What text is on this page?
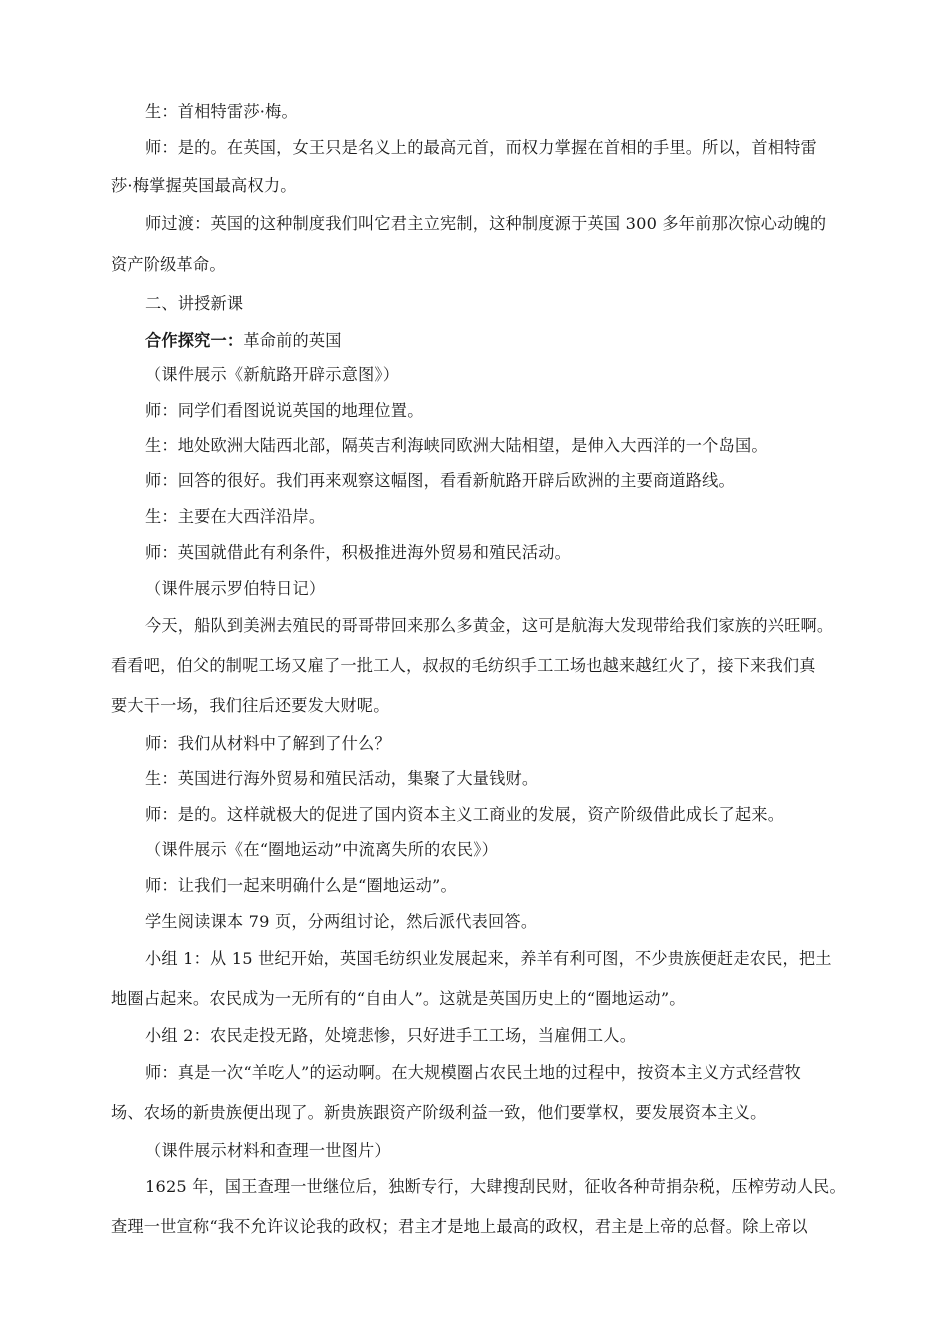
生：首相特雷莎·梅。

师：是的。在英国，女王只是名义上的最高元首，而权力掌握在首相的手里。所以，首相特雷

莎·梅掌握英国最高权力。

师过渡：英国的这种制度我们叫它君主立宪制，这种制度源于英国 300 多年前那次惊心动魄的

资产阶级革命。

二、讲授新课

合作探究一：革命前的英国

（课件展示《新航路开辟示意图》）

师：同学们看图说说英国的地理位置。

生：地处欧洲大陆西北部，隔英吉利海峡同欧洲大陆相望，是伸入大西洋的一个岛国。

师：回答的很好。我们再来观察这幅图，看看新航路开辟后欧洲的主要商道路线。

生：主要在大西洋沿岸。

师：英国就借此有利条件，积极推进海外贸易和殖民活动。

（课件展示罗伯特日记）

今天，船队到美洲去殖民的哥哥带回来那么多黄金，这可是航海大发现带给我们家族的兴旺啊。

看看吧，伯父的制呢工场又雇了一批工人，叔叔的毛纺织手工工场也越来越红火了，接下来我们真

要大干一场，我们往后还要发大财呢。

师：我们从材料中了解到了什么？

生：英国进行海外贸易和殖民活动，集聚了大量钱财。

师：是的。这样就极大的促进了国内资本主义工商业的发展，资产阶级借此成长了起来。

（课件展示《在“圈地运动”中流离失所的农民》）

师：让我们一起来明确什么是“圈地运动”。

学生阅读课本 79 页，分两组讨论，然后派代表回答。

小组 1：从 15 世纪开始，英国毛纺织业发展起来，养羊有利可图，不少贵族便赶走农民，把土

地圈占起来。农民成为一无所有的“自由人”。这就是英国历史上的“圈地运动”。

小组 2：农民走投无路，处境悲惨，只好进手工工场，当雇佣工人。

师：真是一次“羊吃人”的运动啊。在大规模圈占农民土地的过程中，按资本主义方式经营牧

场、农场的新贵族便出现了。新贵族跟资产阶级利益一致，他们要掌权，要发展资本主义。

（课件展示材料和查理一世图片）

1625 年，国王查理一世继位后，独断专行，大肆搜刮民财，征收各种苛捐杂税，压榨劳动人民。

查理一世宣称“我不允许议论我的政权；君主才是地上最高的政权，君主是上帝的总督。除上帝以
